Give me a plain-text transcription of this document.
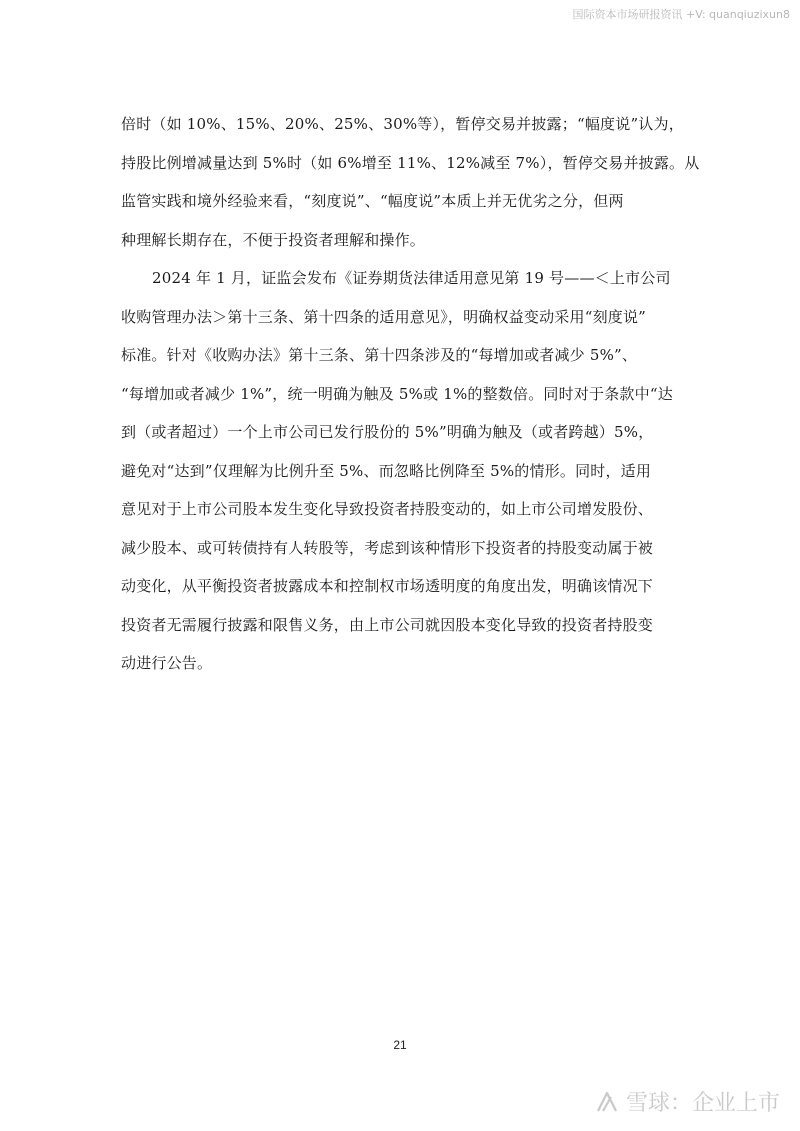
国际资本市场研报资讯 +V: quanqiuzixun8
倍时（如 10%、15%、20%、25%、30%等），暂停交易并披露；“幅度说”认为，
持股比例增减量达到 5%时（如 6%增至 11%、12%减至 7%），暂停交易并披露。从
监管实践和境外经验来看，“刻度说”、“幅度说”本质上并无优劣之分，但两
种理解长期存在，不便于投资者理解和操作。
2024 年 1 月，证监会发布《证券期货法律适用意见第 19 号——＜上市公司
收购管理办法＞第十三条、第十四条的适用意见》，明确权益变动采用“刻度说”
标准。针对《收购办法》第十三条、第十四条涉及的“每增加或者减少 5%”、
“每增加或者减少 1%”，统一明确为触及 5%或 1%的整数倍。同时对于条款中“达
到（或者超过）一个上市公司已发行股份的 5%”明确为触及（或者跨越）5%，
避免对“达到”仅理解为比例升至 5%、而忽略比例降至 5%的情形。同时，适用
意见对于上市公司股本发生变化导致投资者持股变动的，如上市公司增发股份、
减少股本、或可转债持有人转股等，考虑到该种情形下投资者的持股变动属于被
动变化，从平衡投资者披露成本和控制权市场透明度的角度出发，明确该情况下
投资者无需履行披露和限售义务，由上市公司就因股本变化导致的投资者持股变
动进行公告。
21
雪球：企业上市
